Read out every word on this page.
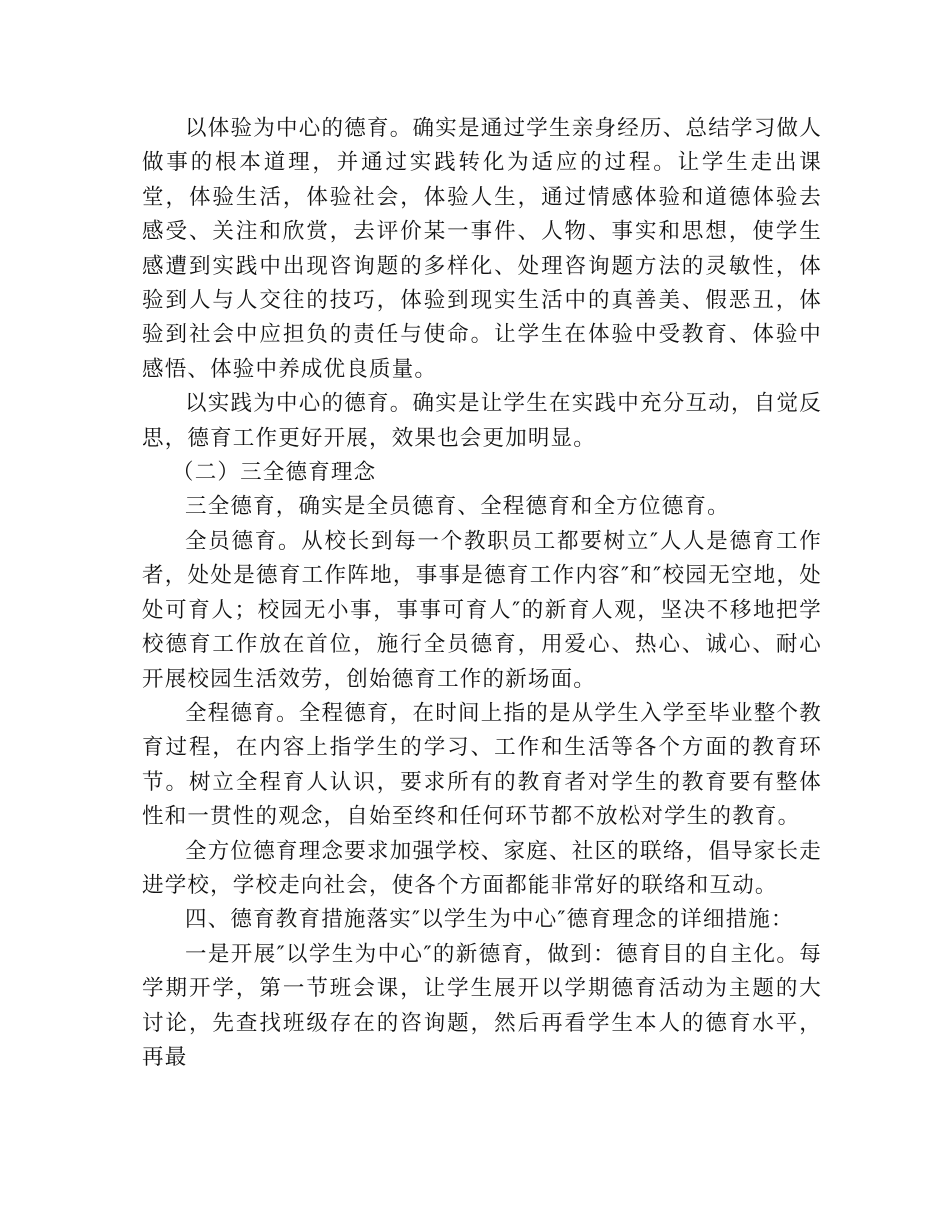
以体验为中心的德育。确实是通过学生亲身经历、总结学习做人做事的根本道理，并通过实践转化为适应的过程。让学生走出课堂，体验生活，体验社会，体验人生，通过情感体验和道德体验去感受、关注和欣赏，去评价某一事件、人物、事实和思想，使学生感遭到实践中出现咨询题的多样化、处理咨询题方法的灵敏性，体验到人与人交往的技巧，体验到现实生活中的真善美、假恶丑，体验到社会中应担负的责任与使命。让学生在体验中受教育、体验中感悟、体验中养成优良质量。

以实践为中心的德育。确实是让学生在实践中充分互动，自觉反思，德育工作更好开展，效果也会更加明显。

（二）三全德育理念

三全德育，确实是全员德育、全程德育和全方位德育。

全员德育。从校长到每一个教职员工都要树立″人人是德育工作者，处处是德育工作阵地，事事是德育工作内容″和″校园无空地，处处可育人；校园无小事，事事可育人″的新育人观，坚决不移地把学校德育工作放在首位，施行全员德育，用爱心、热心、诚心、耐心开展校园生活效劳，创始德育工作的新场面。

全程德育。全程德育，在时间上指的是从学生入学至毕业整个教育过程，在内容上指学生的学习、工作和生活等各个方面的教育环节。树立全程育人认识，要求所有的教育者对学生的教育要有整体性和一贯性的观念，自始至终和任何环节都不放松对学生的教育。

全方位德育理念要求加强学校、家庭、社区的联络，倡导家长走进学校，学校走向社会，使各个方面都能非常好的联络和互动。

四、德育教育措施落实″以学生为中心″德育理念的详细措施：

一是开展″以学生为中心″的新德育，做到：德育目的自主化。每学期开学，第一节班会课，让学生展开以学期德育活动为主题的大讨论，先查找班级存在的咨询题，然后再看学生本人的德育水平，再最
